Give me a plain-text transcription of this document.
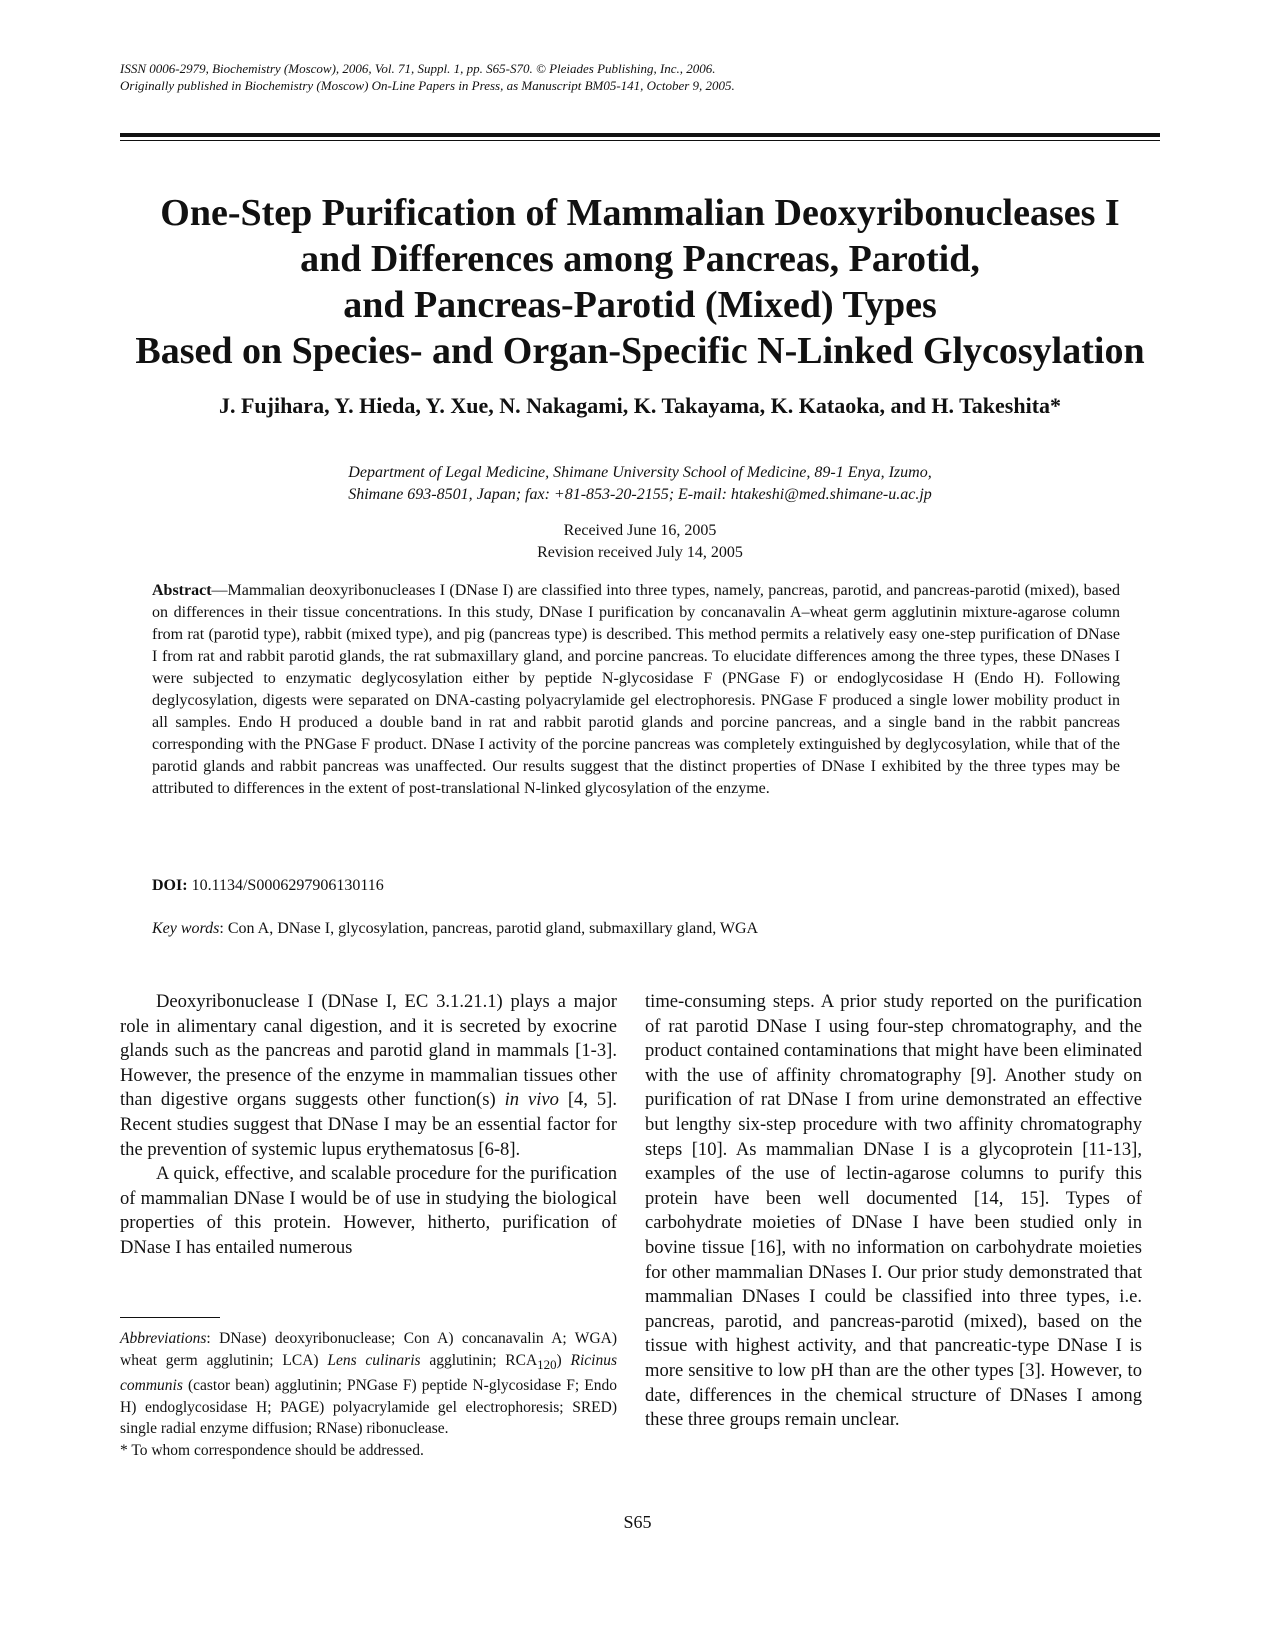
ISSN 0006-2979, Biochemistry (Moscow), 2006, Vol. 71, Suppl. 1, pp. S65-S70. © Pleiades Publishing, Inc., 2006.
Originally published in Biochemistry (Moscow) On-Line Papers in Press, as Manuscript BM05-141, October 9, 2005.
One-Step Purification of Mammalian Deoxyribonucleases I
and Differences among Pancreas, Parotid,
and Pancreas-Parotid (Mixed) Types
Based on Species- and Organ-Specific N-Linked Glycosylation
J. Fujihara, Y. Hieda, Y. Xue, N. Nakagami, K. Takayama, K. Kataoka, and H. Takeshita*
Department of Legal Medicine, Shimane University School of Medicine, 89-1 Enya, Izumo,
Shimane 693-8501, Japan; fax: +81-853-20-2155; E-mail: htakeshi@med.shimane-u.ac.jp
Received June 16, 2005
Revision received July 14, 2005
Abstract—Mammalian deoxyribonucleases I (DNase I) are classified into three types, namely, pancreas, parotid, and pancreas-parotid (mixed), based on differences in their tissue concentrations. In this study, DNase I purification by concanavalin A–wheat germ agglutinin mixture-agarose column from rat (parotid type), rabbit (mixed type), and pig (pancreas type) is described. This method permits a relatively easy one-step purification of DNase I from rat and rabbit parotid glands, the rat submaxillary gland, and porcine pancreas. To elucidate differences among the three types, these DNases I were subjected to enzymatic deglycosylation either by peptide N-glycosidase F (PNGase F) or endoglycosidase H (Endo H). Following deglycosylation, digests were separated on DNA-casting polyacrylamide gel electrophoresis. PNGase F produced a single lower mobility product in all samples. Endo H produced a double band in rat and rabbit parotid glands and porcine pancreas, and a single band in the rabbit pancreas corresponding with the PNGase F product. DNase I activity of the porcine pancreas was completely extinguished by deglycosylation, while that of the parotid glands and rabbit pancreas was unaffected. Our results suggest that the distinct properties of DNase I exhibited by the three types may be attributed to differences in the extent of post-translational N-linked glycosylation of the enzyme.
DOI: 10.1134/S0006297906130116
Key words: Con A, DNase I, glycosylation, pancreas, parotid gland, submaxillary gland, WGA

Deoxyribonuclease I (DNase I, EC 3.1.21.1) plays a major role in alimentary canal digestion, and it is secreted by exocrine glands such as the pancreas and parotid gland in mammals [1-3]. However, the presence of the enzyme in mammalian tissues other than digestive organs suggests other function(s) in vivo [4, 5]. Recent studies suggest that DNase I may be an essential factor for the prevention of systemic lupus erythematosus [6-8].

A quick, effective, and scalable procedure for the purification of mammalian DNase I would be of use in studying the biological properties of this protein. However, hitherto, purification of DNase I has entailed numerous

time-consuming steps. A prior study reported on the purification of rat parotid DNase I using four-step chromatography, and the product contained contaminations that might have been eliminated with the use of affinity chromatography [9]. Another study on purification of rat DNase I from urine demonstrated an effective but lengthy six-step procedure with two affinity chromatography steps [10]. As mammalian DNase I is a glycoprotein [11-13], examples of the use of lectin-agarose columns to purify this protein have been well documented [14, 15]. Types of carbohydrate moieties of DNase I have been studied only in bovine tissue [16], with no information on carbohydrate moieties for other mammalian DNases I. Our prior study demonstrated that mammalian DNases I could be classified into three types, i.e. pancreas, parotid, and pancreas-parotid (mixed), based on the tissue with highest activity, and that pancreatic-type DNase I is more sensitive to low pH than are the other types [3]. However, to date, differences in the chemical structure of DNases I among these three groups remain unclear.

Abbreviations: DNase) deoxyribonuclease; Con A) concanavalin A; WGA) wheat germ agglutinin; LCA) Lens culinaris agglutinin; $RCA_{120}$) Ricinus communis (castor bean) agglutinin; PNGase F) peptide N-glycosidase F; Endo H) endoglycosidase H; PAGE) polyacrylamide gel electrophoresis; SRED) single radial enzyme diffusion; RNase) ribonuclease.

* To whom correspondence should be addressed.

S65
